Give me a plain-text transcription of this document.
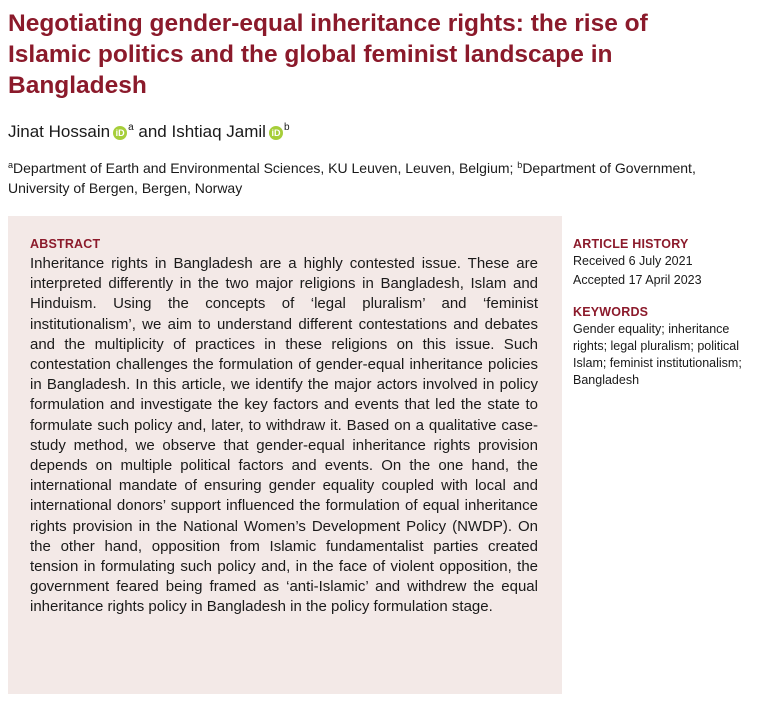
Negotiating gender-equal inheritance rights: the rise of Islamic politics and the global feminist landscape in Bangladesh
Jinat Hossain iD $^a$ and Ishtiaq Jamil iD $^b$
$^a$Department of Earth and Environmental Sciences, KU Leuven, Leuven, Belgium; $^b$Department of Government, University of Bergen, Bergen, Norway
ABSTRACT

Inheritance rights in Bangladesh are a highly contested issue. These are interpreted differently in the two major religions in Bangladesh, Islam and Hinduism. Using the concepts of ‘legal pluralism’ and ‘feminist institutionalism’, we aim to understand different contestations and debates and the multiplicity of practices in these religions on this issue. Such contestation challenges the formulation of gender-equal inheritance policies in Bangladesh. In this article, we identify the major actors involved in policy formulation and investigate the key factors and events that led the state to formulate such policy and, later, to withdraw it. Based on a qualitative case-study method, we observe that gender-equal inheritance rights provision depends on multiple political factors and events. On the one hand, the international mandate of ensuring gender equality coupled with local and international donors’ support influenced the formulation of equal inheritance rights provision in the National Women’s Development Policy (NWDP). On the other hand, opposition from Islamic fundamentalist parties created tension in formulating such policy and, in the face of violent opposition, the government feared being framed as ‘anti-Islamic’ and withdrew the equal inheritance rights policy in Bangladesh in the policy formulation stage.

ARTICLE HISTORY
Received 6 July 2021
Accepted 17 April 2023
KEYWORDS
Gender equality; inheritance rights; legal pluralism; political Islam; feminist institutionalism; Bangladesh
